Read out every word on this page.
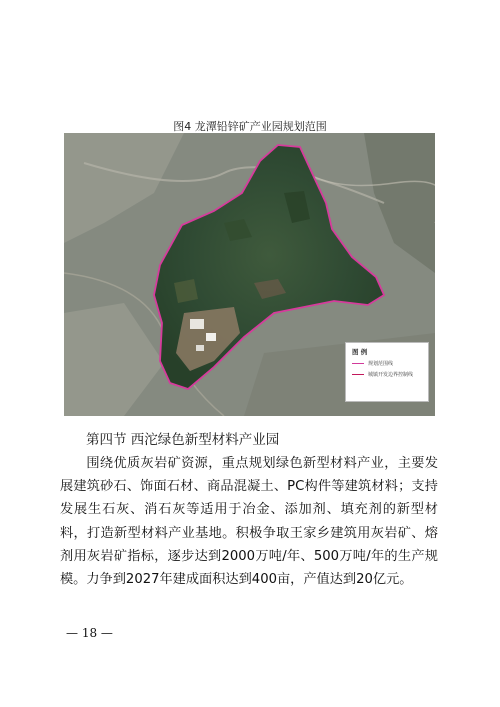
图4 龙潭铅锌矿产业园规划范围
图 例
规划范围线
城镇开发边界控制线
第四节 西沱绿色新型材料产业园

围绕优质灰岩矿资源，重点规划绿色新型材料产业，主要发展建筑砂石、饰面石材、商品混凝土、PC构件等建筑材料；支持发展生石灰、消石灰等适用于冶金、添加剂、填充剂的新型材料，打造新型材料产业基地。积极争取王家乡建筑用灰岩矿、熔剂用灰岩矿指标，逐步达到2000万吨/年、500万吨/年的生产规模。力争到2027年建成面积达到400亩，产值达到20亿元。

— 18 —
